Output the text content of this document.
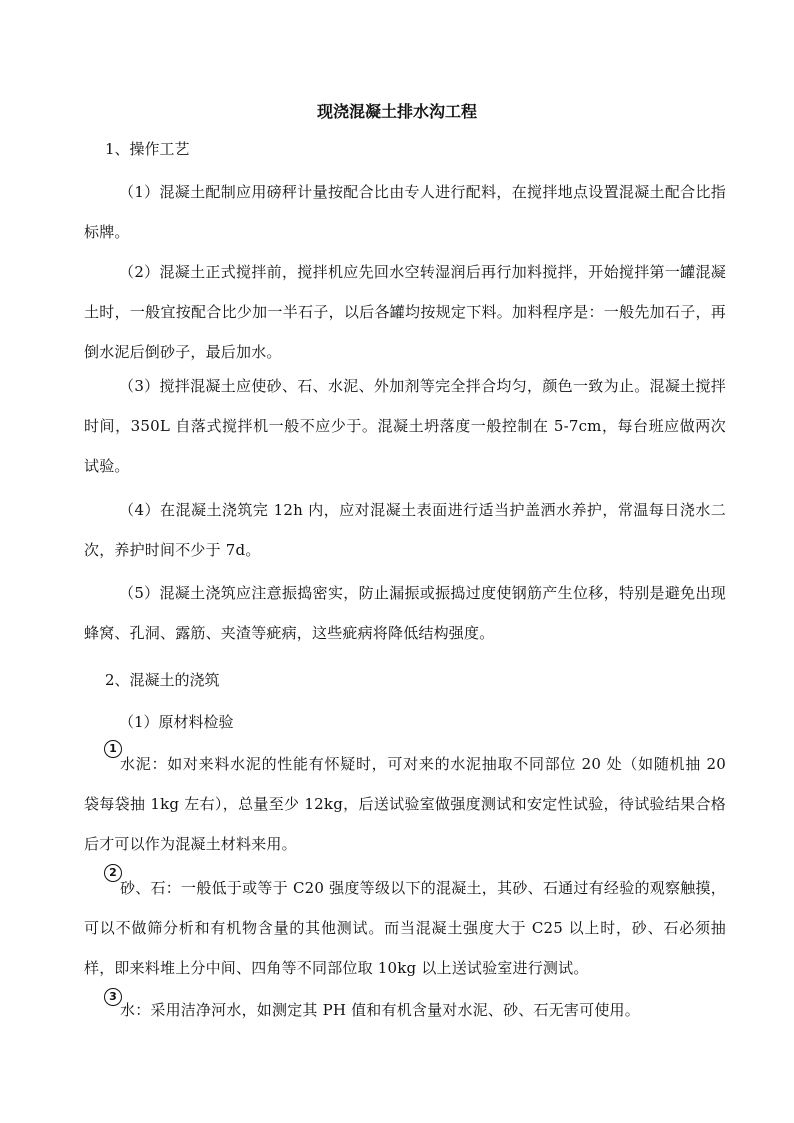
现浇混凝土排水沟工程
1、操作工艺
（1）混凝土配制应用磅秤计量按配合比由专人进行配料，在搅拌地点设置混凝土配合比指标牌。
（2）混凝土正式搅拌前，搅拌机应先回水空转湿润后再行加料搅拌，开始搅拌第一罐混凝土时，一般宜按配合比少加一半石子，以后各罐均按规定下料。加料程序是：一般先加石子，再倒水泥后倒砂子，最后加水。
（3）搅拌混凝土应使砂、石、水泥、外加剂等完全拌合均匀，颜色一致为止。混凝土搅拌时间，350L 自落式搅拌机一般不应少于。混凝土坍落度一般控制在 5-7cm，每台班应做两次试验。
（4）在混凝土浇筑完 12h 内，应对混凝土表面进行适当护盖洒水养护，常温每日浇水二次，养护时间不少于 7d。
（5）混凝土浇筑应注意振捣密实，防止漏振或振捣过度使钢筋产生位移，特别是避免出现蜂窝、孔洞、露筋、夹渣等疵病，这些疵病将降低结构强度。
2、混凝土的浇筑
（1）原材料检验
1
水泥：如对来料水泥的性能有怀疑时，可对来的水泥抽取不同部位 20 处（如随机抽 20 袋每袋抽 1kg 左右），总量至少 12kg，后送试验室做强度测试和安定性试验，待试验结果合格后才可以作为混凝土材料来用。
2
砂、石：一般低于或等于 C20 强度等级以下的混凝土，其砂、石通过有经验的观察触摸，可以不做筛分析和有机物含量的其他测试。而当混凝土强度大于 C25 以上时，砂、石必须抽样，即来料堆上分中间、四角等不同部位取 10kg 以上送试验室进行测试。
3
水：采用洁净河水，如测定其 PH 值和有机含量对水泥、砂、石无害可使用。
